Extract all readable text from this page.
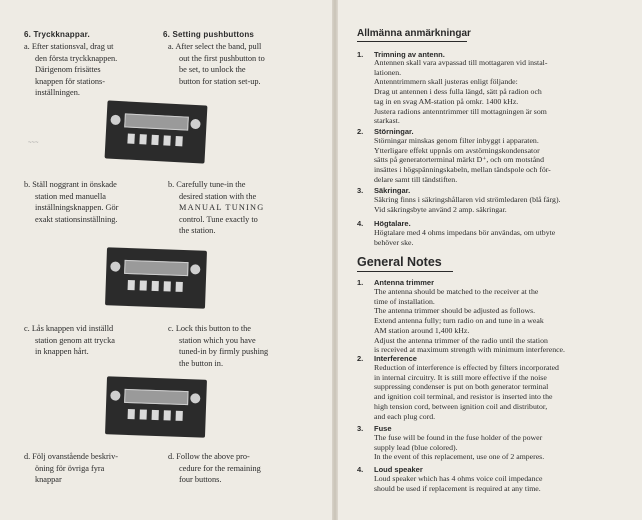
6. Tryckknappar.	6. Setting pushbuttons
a. Efter stationsval, drag ut
den första tryckknappen.
Därigenom frisättes
knappen för stations-
inställningen.
a. After select the band, pull
out the first pushbutton to
be set, to unlock the
button for station set-up.
~~~
b. Ställ noggrant in önskade
station med manuella
inställningsknappen. Gör
exakt stationsinställning.
b. Carefully tune-in the
desired station with the
MANUAL TUNING
control. Tune exactly to
the station.
c. Lås knappen vid inställd
station genom att trycka
in knappen hårt.
c. Lock this button to the
station which you have
tuned-in by firmly pushing
the button in.
d. Följ ovanstående beskriv-
öning för övriga fyra
knappar
d. Follow the above pro-
cedure for the remaining
four buttons.
Allmänna anmärkningar
1. Trimning av antenn.
Antennen skall vara avpassad till mottagaren vid instal-
lationen.
Antenntrimmern skall justeras enligt följande:
Drag ut antennen i dess fulla längd, sätt på radion och
tag in en svag AM-station på omkr. 1400 kHz.
Justera radions antenntrimmer till mottagningen är som
starkast.
2. Störningar.
Störningar minskas genom filter inbyggt i apparaten.
Ytterligare effekt uppnås om avstörningskondensator
sätts på generatorterminal märkt D⁺, och om motstånd
insättes i högspänningskabeln, mellan tändspole och för-
delare samt till tändstiften.
3. Säkringar.
Säkring finns i säkringshållaren vid strömledaren (blå färg).
Vid säkringsbyte använd 2 amp. säkringar.
4. Högtalare.
Högtalare med 4 ohms impedans bör användas, om utbyte
behöver ske.
General Notes
1. Antenna trimmer
The antenna should be matched to the receiver at the
time of installation.
The antenna trimmer should be adjusted as follows.
Extend antenna fully; turn radio on and tune in a weak
AM station around 1,400 kHz.
Adjust the antenna trimmer of the radio until the station
is received at maximum strength with minimum interference.
2. Interference
Reduction of interference is effected by filters incorporated
in internal circuitry. It is still more effective if the noise
suppressing condenser is put on both generator terminal
and ignition coil terminal, and resistor is inserted into the
high tension cord, between ignition coil and distributor,
and each plug cord.
3. Fuse
The fuse will be found in the fuse holder of the power
supply lead (blue colored).
In the event of this replacement, use one of 2 amperes.
4. Loud speaker
Loud speaker which has 4 ohms voice coil impedance
should be used if replacement is required at any time.
